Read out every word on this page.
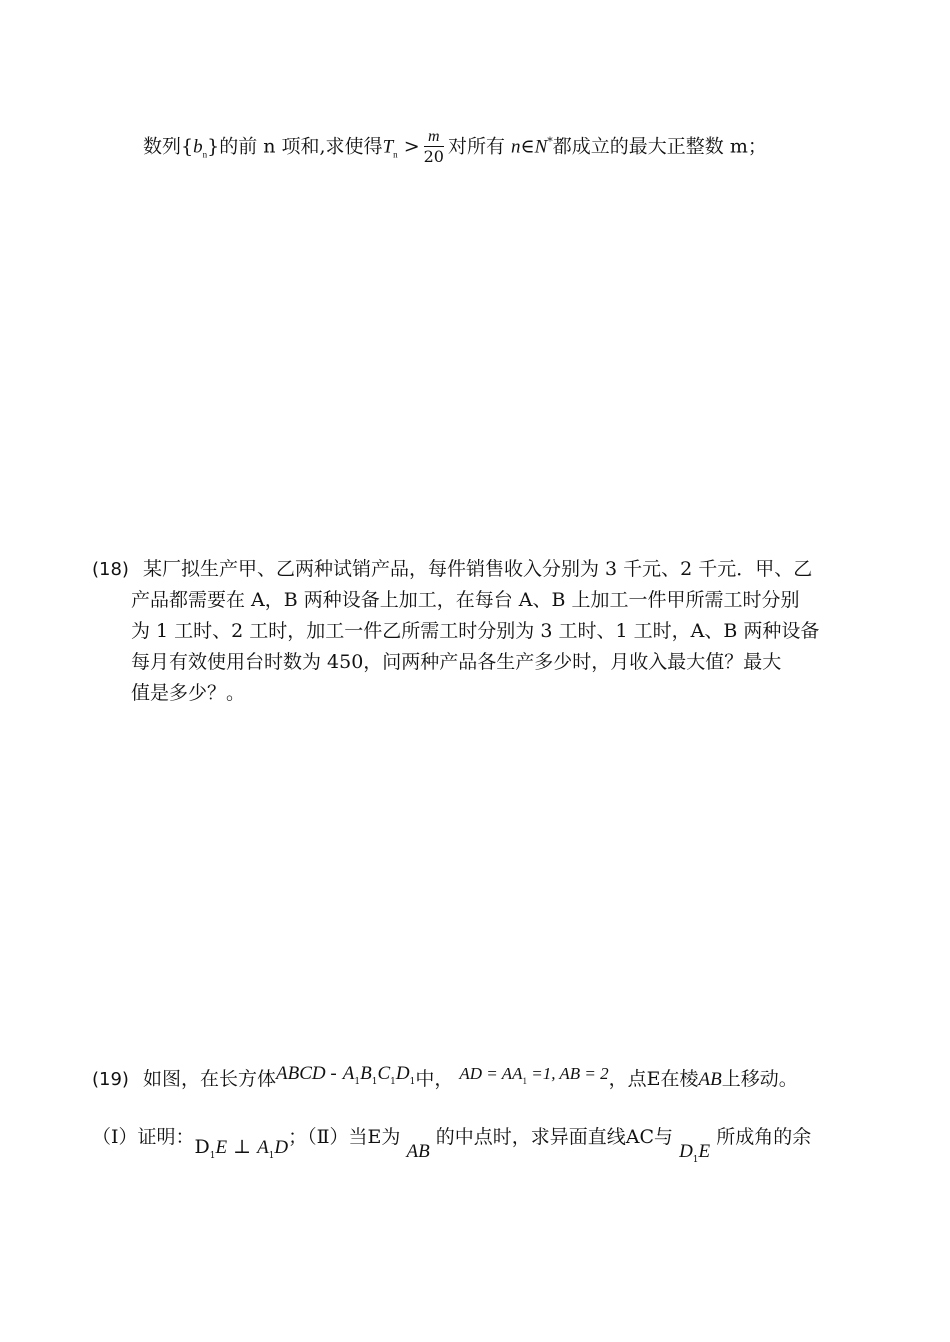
数列$\{b_n\}$的前 n 项和,求使得$T_n > \frac{m}{20}$ 对所有 n∈N*都成立的最大正整数 m；
(18) 某厂拟生产甲、乙两种试销产品，每件销售收入分别为 3 千元、2 千元．甲、乙
产品都需要在 A，B 两种设备上加工，在每台 A、B 上加工一件甲所需工时分别
为 1 工时、2 工时，加工一件乙所需工时分别为 3 工时、1 工时，A、B 两种设备
每月有效使用台时数为 450，问两种产品各生产多少时，月收入最大值？最大
值是多少？。
(19) 如图，在长方体ABCD - $A_1B_1C_1D_1$中， AD = $AA_1 =1$, AB = 2，点E在棱AB上移动。
（Ⅰ）证明：$D_1E$ ⊥ $A_1D$；（Ⅱ）当E为 AB 的中点时，求异面直线AC与 $D_1E$ 所成角的余
